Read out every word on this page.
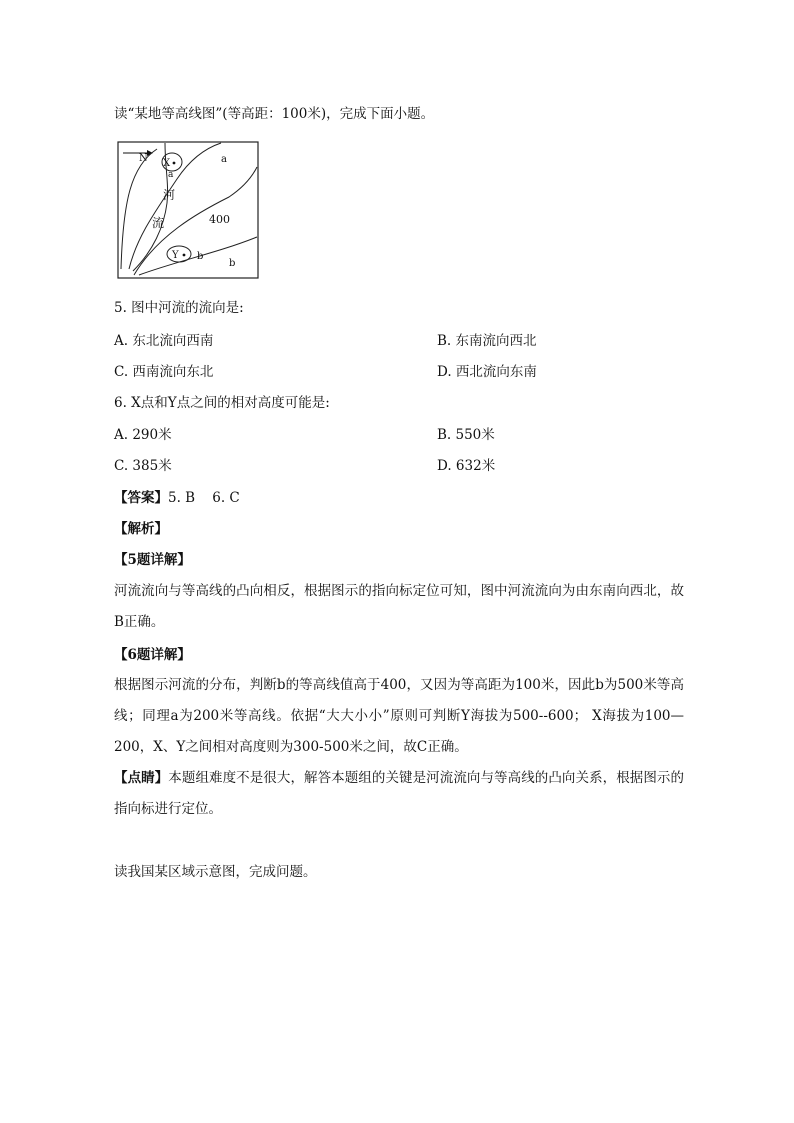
读“某地等高线图”(等高距：100米)，完成下面小题。
N X
a
a
河
流	400
Y b
b
5. 图中河流的流向是:
A. 东北流向西南	B. 东南流向西北
C. 西南流向东北	D. 西北流向东南
6. X点和Y点之间的相对高度可能是:
A. 290米	B. 550米
C. 385米	D. 632米
【答案】5. B    6. C
【解析】
【5题详解】
河流流向与等高线的凸向相反，根据图示的指向标定位可知，图中河流流向为由东南向西北，故B正确。
【6题详解】
根据图示河流的分布，判断b的等高线值高于400，又因为等高距为100米，因此b为500米等高线；同理a为200米等高线。依据“大大小小”原则可判断Y海拔为500--600； X海拔为100—200，X、Y之间相对高度则为300-500米之间，故C正确。
【点睛】本题组难度不是很大，解答本题组的关键是河流流向与等高线的凸向关系，根据图示的指向标进行定位。
读我国某区域示意图，完成问题。
